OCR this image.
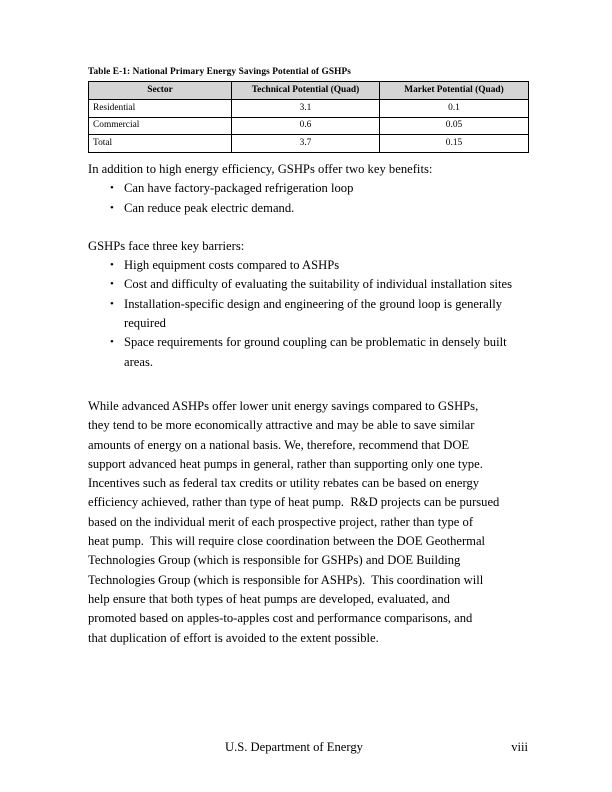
Table E-1: National Primary Energy Savings Potential of GSHPs
Sector	Technical Potential (Quad)	Market Potential (Quad)
Residential	3.1	0.1
Commercial	0.6	0.05
Total	3.7	0.15

In addition to high energy efficiency, GSHPs offer two key benefits:

• Can have factory-packaged refrigeration loop
• Can reduce peak electric demand.

GSHPs face three key barriers:

• High equipment costs compared to ASHPs
• Cost and difficulty of evaluating the suitability of individual installation sites
• Installation-specific design and engineering of the ground loop is generally required
• Space requirements for ground coupling can be problematic in densely built areas.
While advanced ASHPs offer lower unit energy savings compared to GSHPs,
they tend to be more economically attractive and may be able to save similar
amounts of energy on a national basis. We, therefore, recommend that DOE
support advanced heat pumps in general, rather than supporting only one type.
Incentives such as federal tax credits or utility rebates can be based on energy
efficiency achieved, rather than type of heat pump.  R&D projects can be pursued
based on the individual merit of each prospective project, rather than type of
heat pump.  This will require close coordination between the DOE Geothermal
Technologies Group (which is responsible for GSHPs) and DOE Building
Technologies Group (which is responsible for ASHPs).  This coordination will
help ensure that both types of heat pumps are developed, evaluated, and
promoted based on apples-to-apples cost and performance comparisons, and
that duplication of effort is avoided to the extent possible.
U.S. Department of Energy	viii
